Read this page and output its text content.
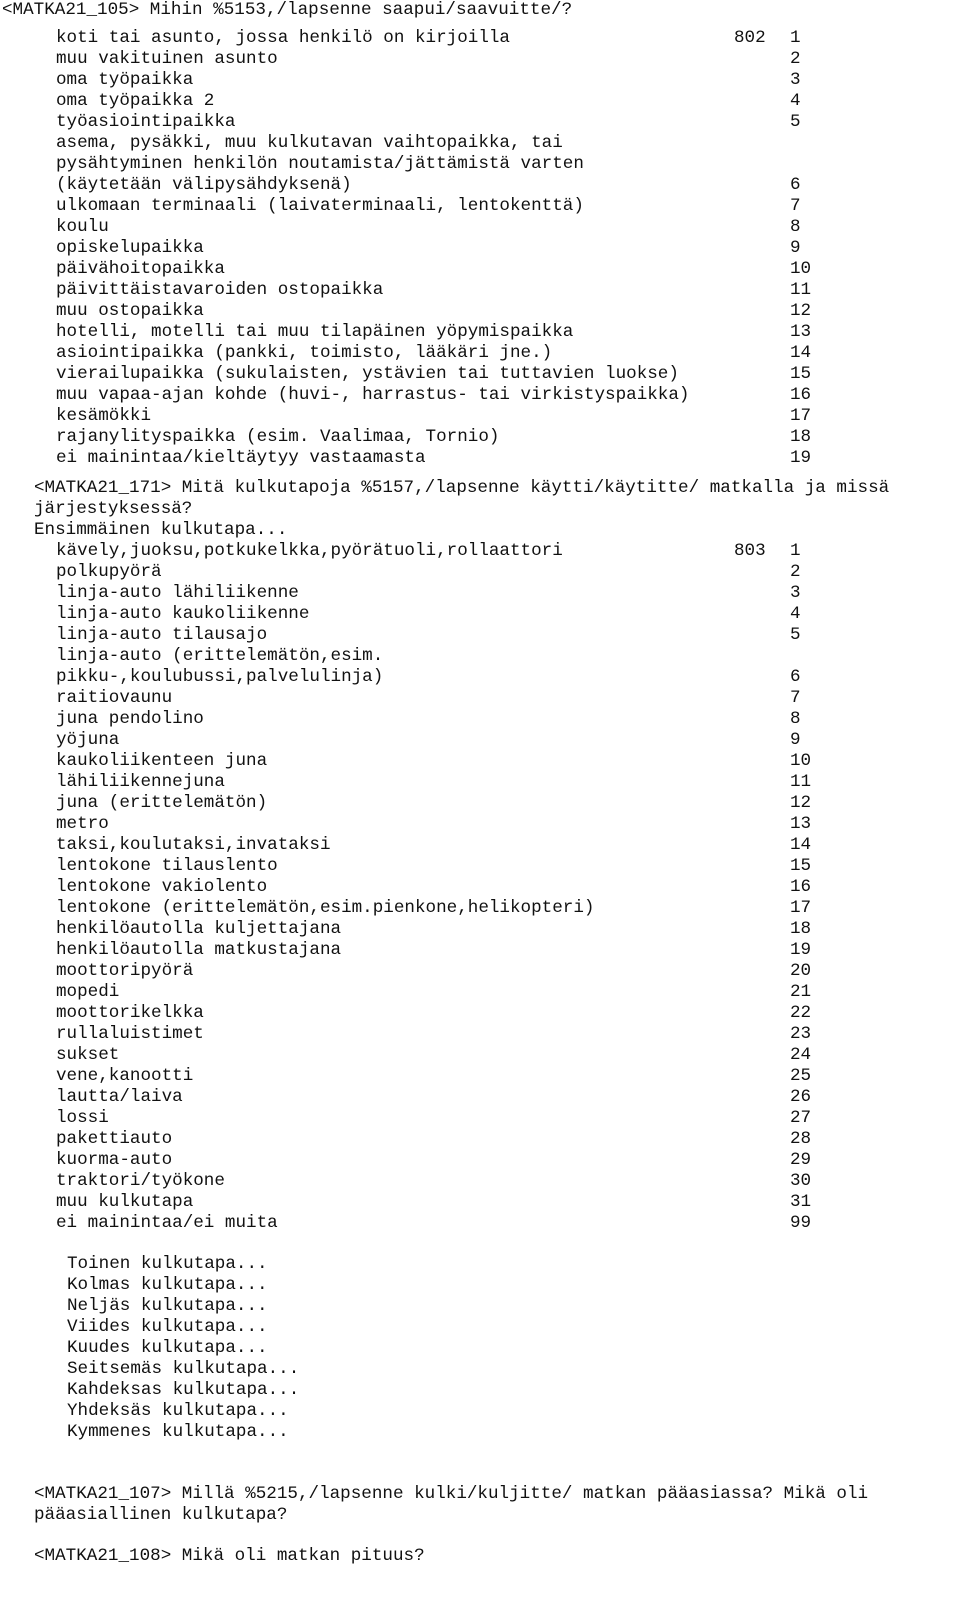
<MATKA21_105> Mihin %5153,/lapsenne saapui/saavuitte/?
koti tai asunto, jossa henkilö on kirjoilla	802 1
muu vakituinen asunto	2
oma työpaikka	3
oma työpaikka 2	4
työasiointipaikka	5
asema, pysäkki, muu kulkutavan vaihtopaikka, tai
pysähtyminen henkilön noutamista/jättämistä varten
(käytetään välipysähdyksenä)	6
ulkomaan terminaali (laivaterminaali, lentokenttä)	7
koulu	8
opiskelupaikka	9
päivähoitopaikka	10
päivittäistavaroiden ostopaikka	11
muu ostopaikka	12
hotelli, motelli tai muu tilapäinen yöpymispaikka	13
asiointipaikka (pankki, toimisto, lääkäri jne.)	14
vierailupaikka (sukulaisten, ystävien tai tuttavien luokse)	15
muu vapaa-ajan kohde (huvi-, harrastus- tai virkistyspaikka)	16
kesämökki	17
rajanylityspaikka (esim. Vaalimaa, Tornio)	18
ei mainintaa/kieltäytyy vastaamasta	19
<MATKA21_171> Mitä kulkutapoja %5157,/lapsenne käytti/käytitte/ matkalla ja missä
järjestyksessä?
Ensimmäinen kulkutapa...
kävely,juoksu,potkukelkka,pyörätuoli,rollaattori	803 1
polkupyörä	2
linja-auto lähiliikenne	3
linja-auto kaukoliikenne	4
linja-auto tilausajo	5
linja-auto (erittelemätön,esim.
pikku-,koulubussi,palvelulinja)	6
raitiovaunu	7
juna pendolino	8
yöjuna	9
kaukoliikenteen juna	10
lähiliikennejuna	11
juna (erittelemätön)	12
metro	13
taksi,koulutaksi,invataksi	14
lentokone tilauslento	15
lentokone vakiolento	16
lentokone (erittelemätön,esim.pienkone,helikopteri)	17
henkilöautolla kuljettajana	18
henkilöautolla matkustajana	19
moottoripyörä	20
mopedi	21
moottorikelkka	22
rullaluistimet	23
sukset	24
vene,kanootti	25
lautta/laiva	26
lossi	27
pakettiauto	28
kuorma-auto	29
traktori/työkone	30
muu kulkutapa	31
ei mainintaa/ei muita	99
Toinen kulkutapa...
Kolmas kulkutapa...
Neljäs kulkutapa...
Viides kulkutapa...
Kuudes kulkutapa...
Seitsemäs kulkutapa...
Kahdeksas kulkutapa...
Yhdeksäs kulkutapa...
Kymmenes kulkutapa...
<MATKA21_107> Millä %5215,/lapsenne kulki/kuljitte/ matkan pääasiassa? Mikä oli
pääasiallinen kulkutapa?
<MATKA21_108> Mikä oli matkan pituus?
